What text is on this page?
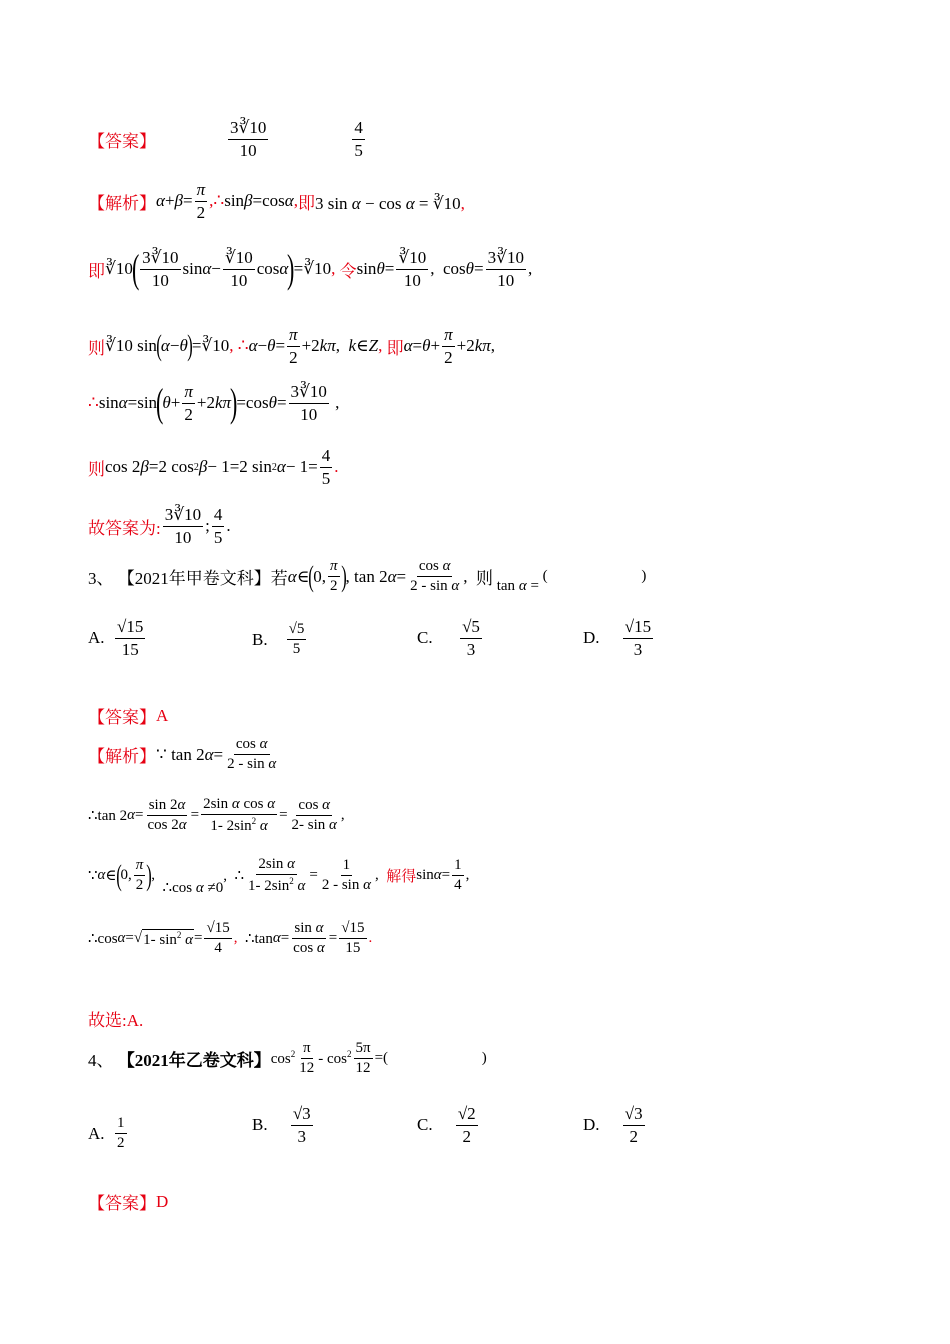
【答案】	$\frac{3∛10}{10}$	$\frac{4}{5}$
【解析】 $\alpha + \beta = \frac{\pi}{2}$ ,∴ sin β =cos α , 即3 sin α − cos α = ∛10,
即 ∛10
( $\frac{3∛10}{10}$ $\sin \alpha - \frac{∛10}{10}$ cos α
)
=∛10 ,
令 $\sin \theta = \frac{∛10}{10}$ ,  $\cos \theta = \frac{3∛10}{10}$ ,
则 ∛10 sin ( α − θ ) =∛10 ,
∴ $\alpha - \theta = \frac{\pi}{2} +2$ kπ , k ∈ Z ,
即 $\alpha = \theta + \frac{\pi}{2} +2$ kπ ,
∴ sin α =sin
(
$\theta + \frac{\pi}{2} +2$ kπ
)
=cos $\theta = \frac{3∛10}{10}$ ,
则 cos 2 β =2 cos 2 β − 1=2 sin 2 $\alpha - 1= \frac{4}{5}$ .
故答案为: $\frac{3∛10}{10}$ ; $\frac{4}{5}$ .
3、
【2021年甲卷文科】 若 α ∈ ( 0, $\frac{\pi}{2}$ ) , tan 2 $\alpha = \frac{\text{cos α}}{\text{2 - sin α}}$ , 则 tan α =
(                         )
A.
$\frac{√15}{15}$	B.
$\frac{√5}{5}$	C.
$\frac{√5}{3}$	D.
$\frac{√15}{3}$
【答案】 A
【解析】 ∵ tan 2 $\alpha = \frac{\text{cos α}}{\text{2 - sin α}}$
∴tan 2 $\alpha = \frac{\sin 2\alpha}{\cos 2\alpha} = \frac{\text{2sin α cos α}}{1- 2\sin^2 \alpha} = \frac{\text{cos α}}{\text{2- sin α}}$ ,
∵ α ∈ ( 0, $\frac{\pi}{2}$ ) ,
∴cos α ≠0
,  ∴ $\frac{\text{2sin α}}{1- 2\sin^2 \alpha} = \frac{1}{\text{2 - sin α}}$ , 解得 $\sin \alpha = \frac{1}{4}$ ,
∴cos α =√ 1- $\sin^2 \alpha = \frac{√15}{4}$ , ∴tan $\alpha = \frac{\text{sin α}}{\text{cos α}} = \frac{√15}{15}$ .
故选:A.
4、
【2021年乙卷文科】 $\cos^2 \frac{\pi}{12} - \cos^2 \frac{5\pi}{12}$ = (                         )
A.
$\frac{1}{2}$	B.
$\frac{√3}{3}$	C.
$\frac{√2}{2}$	D.
$\frac{√3}{2}$
【答案】 D
